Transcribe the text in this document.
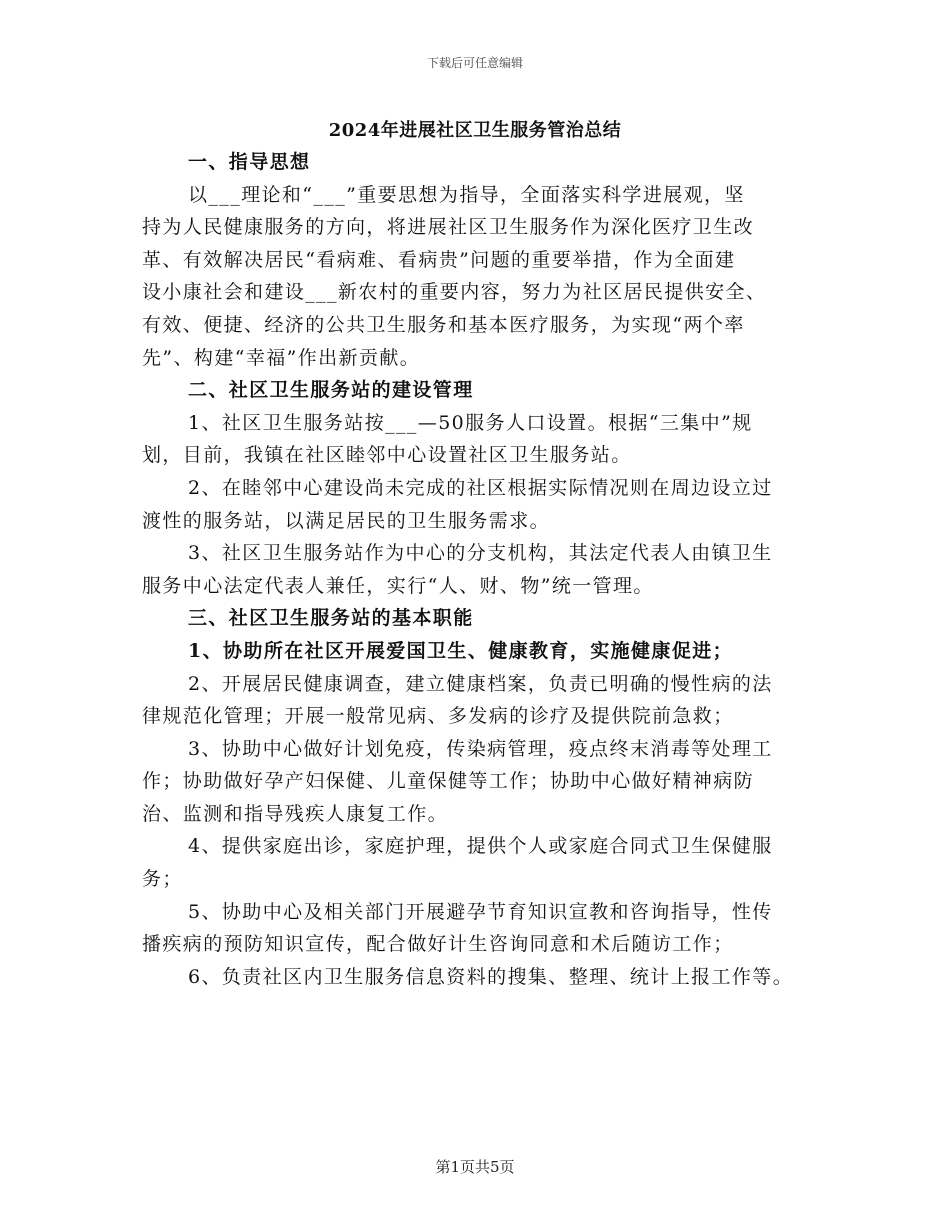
下载后可任意编辑
2024年进展社区卫生服务管治总结
一、指导思想
以___理论和“___”重要思想为指导，全面落实科学进展观，坚
持为人民健康服务的方向，将进展社区卫生服务作为深化医疗卫生改
革、有效解决居民“看病难、看病贵”问题的重要举措，作为全面建
设小康社会和建设___新农村的重要内容，努力为社区居民提供安全、
有效、便捷、经济的公共卫生服务和基本医疗服务，为实现“两个率
先”、构建“幸福”作出新贡献。
二、社区卫生服务站的建设管理
1、社区卫生服务站按___—50服务人口设置。根据“三集中”规
划，目前，我镇在社区睦邻中心设置社区卫生服务站。
2、在睦邻中心建设尚未完成的社区根据实际情况则在周边设立过
渡性的服务站，以满足居民的卫生服务需求。
3、社区卫生服务站作为中心的分支机构，其法定代表人由镇卫生
服务中心法定代表人兼任，实行“人、财、物”统一管理。
三、社区卫生服务站的基本职能
1、协助所在社区开展爱国卫生、健康教育，实施健康促进；
2、开展居民健康调查，建立健康档案，负责已明确的慢性病的法
律规范化管理；开展一般常见病、多发病的诊疗及提供院前急救；
3、协助中心做好计划免疫，传染病管理，疫点终末消毒等处理工
作；协助做好孕产妇保健、儿童保健等工作；协助中心做好精神病防
治、监测和指导残疾人康复工作。
4、提供家庭出诊，家庭护理，提供个人或家庭合同式卫生保健服
务；
5、协助中心及相关部门开展避孕节育知识宣教和咨询指导，性传
播疾病的预防知识宣传，配合做好计生咨询同意和术后随访工作；
6、负责社区内卫生服务信息资料的搜集、整理、统计上报工作等。
第1页共5页
